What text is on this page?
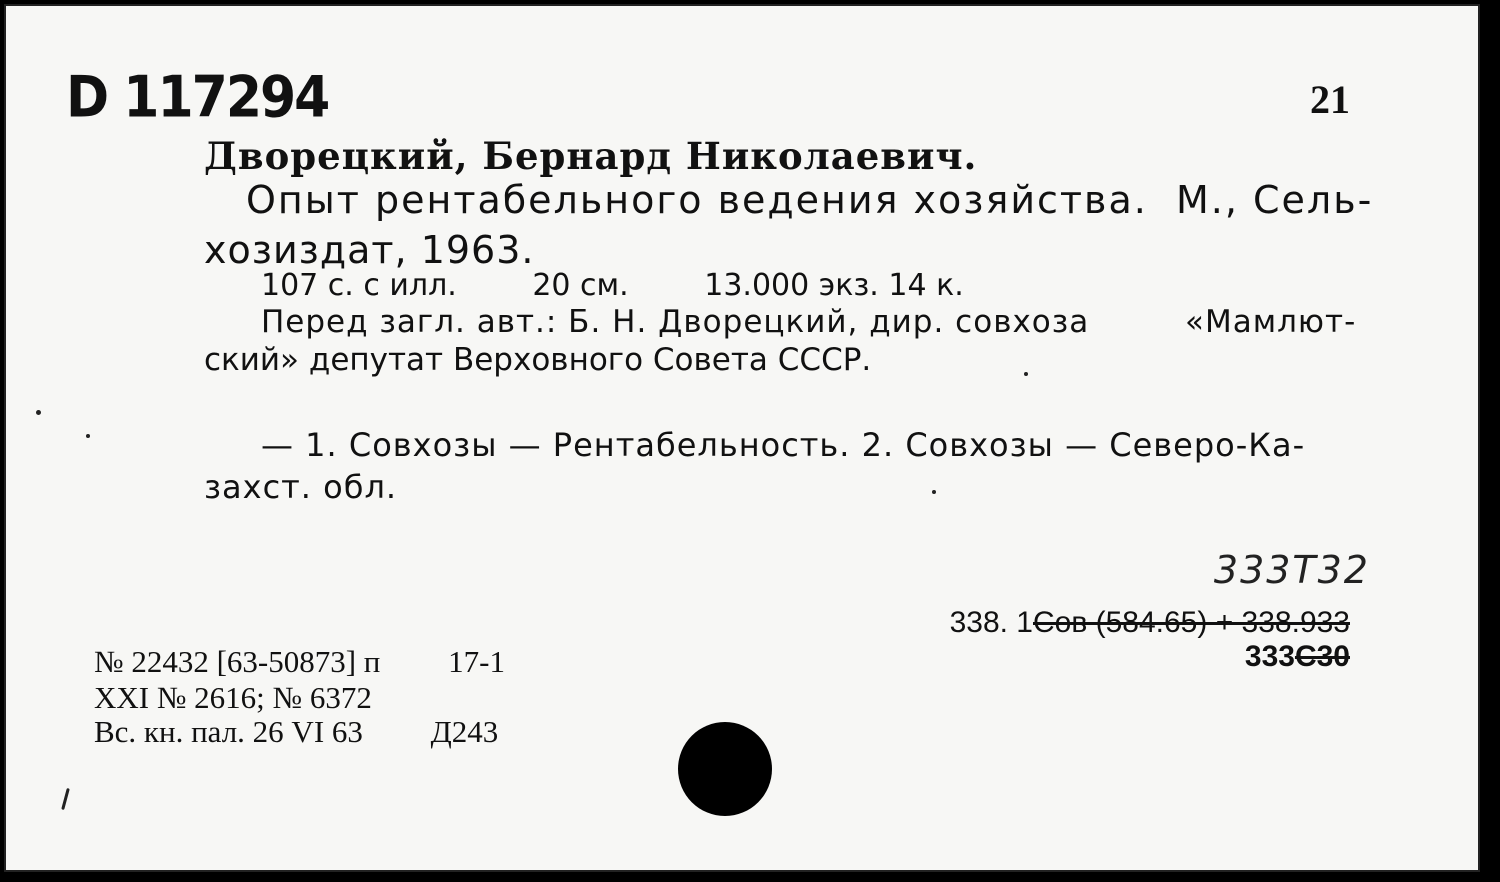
D 117294	21
Дворецкий, Бернард Николаевич.
Опыт рентабельного ведения хозяйства. М., Сель-
хозиздат, 1963.
107 с. с илл.	20 см.	13.000 экз. 14 к.
Перед загл. авт.: Б. Н. Дворецкий, дир. совхоза	«Мамлют-
ский» депутат Верховного Совета СССР.
— 1. Совхозы — Рентабельность. 2. Совхозы — Северо-Ка-
захст. обл.
333Т32
338. 1Сов (584.65) + 338.933
333С30
№ 22432 [63-50873] п 17-1
XXI № 2616; № 6372
Вс. кн. пал. 26 VI 63 Д243
